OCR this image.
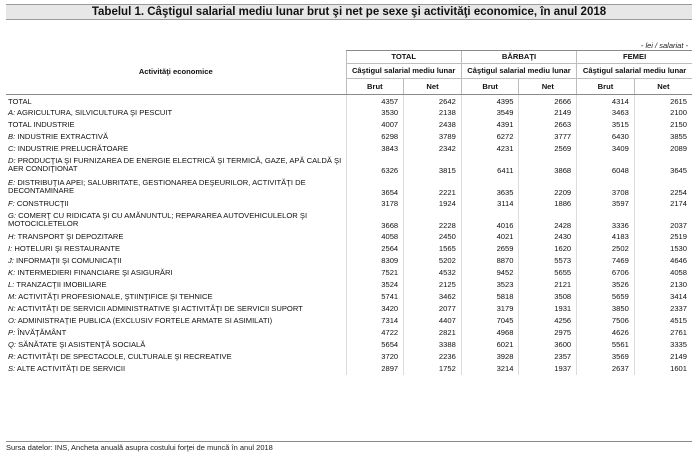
Tabelul 1. Câştigul salarial mediu lunar brut şi net pe sexe şi activităţi economice, în anul 2018
- lei / salariat -
Activităţi economice	TOTAL		BĂRBAŢI		FEMEI	
	Câştigul salarial mediu lunar		Câştigul salarial mediu lunar		Câştigul salarial mediu lunar	
	Brut	Net	Brut	Net	Brut	Net
TOTAL	4357	2642	4395	2666	4314	2615
A: AGRICULTURA, SILVICULTURA ŞI PESCUIT	3530	2138	3549	2149	3463	2100
TOTAL INDUSTRIE	4007	2438	4391	2663	3515	2150
B: INDUSTRIE EXTRACTIVĂ	6298	3789	6272	3777	6430	3855
C: INDUSTRIE PRELUCRĂTOARE	3843	2342	4231	2569	3409	2089
D: PRODUCŢIA ŞI FURNIZAREA DE ENERGIE ELECTRICĂ ŞI TERMICĂ, GAZE, APĂ CALDĂ ŞI AER CONDIŢIONAT	6326	3815	6411	3868	6048	3645
E: DISTRIBUŢIA APEI; SALUBRITATE, GESTIONAREA DEŞEURILOR, ACTIVITĂŢI DE DECONTAMINARE	3654	2221	3635	2209	3708	2254
F: CONSTRUCŢII	3178	1924	3114	1886	3597	2174
G: COMERŢ CU RIDICATA ŞI CU AMĂNUNTUL; REPARAREA AUTOVEHICULELOR ŞI MOTOCICLETELOR	3668	2228	4016	2428	3336	2037
H: TRANSPORT ŞI DEPOZITARE	4058	2450	4021	2430	4183	2519
I: HOTELURI ŞI RESTAURANTE	2564	1565	2659	1620	2502	1530
J: INFORMAŢII ŞI COMUNICAŢII	8309	5202	8870	5573	7469	4646
K: INTERMEDIERI FINANCIARE ŞI ASIGURĂRI	7521	4532	9452	5655	6706	4058
L: TRANZACŢII IMOBILIARE	3524	2125	3523	2121	3526	2130
M: ACTIVITĂŢI PROFESIONALE, ŞTIINŢIFICE ŞI TEHNICE	5741	3462	5818	3508	5659	3414
N: ACTIVITĂŢI DE SERVICII ADMINISTRATIVE ŞI ACTIVITĂŢI DE SERVICII SUPORT	3420	2077	3179	1931	3850	2337
O: ADMINISTRAŢIE PUBLICA (EXCLUSIV FORTELE ARMATE SI ASIMILATI)	7314	4407	7045	4256	7506	4515
P: ÎNVĂŢĂMÂNT	4722	2821	4968	2975	4626	2761
Q: SĂNĂTATE ŞI ASISTENŢĂ SOCIALĂ	5654	3388	6021	3600	5561	3335
R: ACTIVITĂŢI DE SPECTACOLE, CULTURALE ŞI RECREATIVE	3720	2236	3928	2357	3569	2149
S: ALTE ACTIVITĂŢI DE SERVICII	2897	1752	3214	1937	2637	1601
Sursa datelor: INS, Ancheta anuală asupra costului forţei de muncă în anul 2018
